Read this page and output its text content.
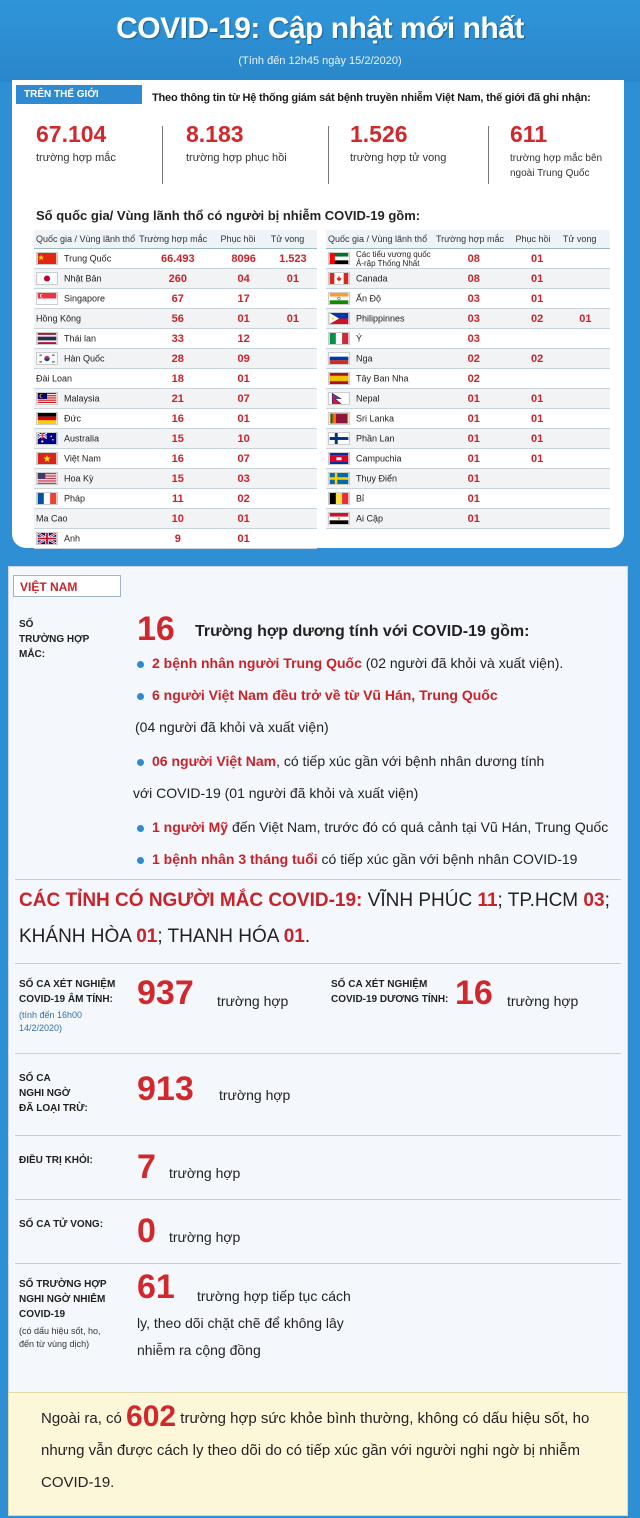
COVID-19: Cập nhật mới nhất
(Tính đến 12h45 ngày 15/2/2020)
TRÊN THẾ GIỚI	Theo thông tin từ Hệ thống giám sát bệnh truyền nhiễm Việt Nam, thế giới đã ghi nhận:
67.104
trường hợp mắc
8.183
trường hợp phục hồi
1.526
trường hợp tử vong
611
trường hợp mắc bên ngoài Trung Quốc
Số quốc gia/ Vùng lãnh thổ có người bị nhiễm COVID-19 gồm:
Quốc gia / Vùng lãnh thổ	Trường hợp mắc	Phục hồi	Tử vong
Trung Quốc	66.493	8096	1.523
Nhật Bản	260	04	01
Singapore	67	17	
Hồng Kông	56	01	01
Thái lan	33	12	
Hàn Quốc	28	09	
Đài Loan	18	01	
Malaysia	21	07	
Đức	16	01	
Australia	15	10	
Việt Nam	16	07	
Hoa Kỳ	15	03	
Pháp	11	02	
Ma Cao	10	01	
Anh	9	01	
Quốc gia / Vùng lãnh thổ	Trường hợp mắc	Phục hồi	Tử vong
Các tiểu vương quốc Ả-rập Thống Nhất	08	01	
Canada	08	01	
Ấn Độ	03	01	
Philippinnes	03	02	01
Ý	03		
Nga	02	02	
Tây Ban Nha	02		
Nepal	01	01	
Sri Lanka	01	01	
Phần Lan	01	01	
Campuchia	01	01	
Thụy Điển	01		
Bỉ	01		
Ai Cập	01		
VIỆT NAM
SỐ
TRƯỜNG HỢP
MẮC:
16 Trường hợp dương tính với COVID-19 gồm:
2 bệnh nhân người Trung Quốc (02 người đã khỏi và xuất viện).
6 người Việt Nam đều trở về từ Vũ Hán, Trung Quốc
(04 người đã khỏi và xuất viện)
06 người Việt Nam, có tiếp xúc gần với bệnh nhân dương tính
với COVID-19 (01 người đã khỏi và xuất viện)
1 người Mỹ đến Việt Nam, trước đó có quá cảnh tại Vũ Hán, Trung Quốc
1 bệnh nhân 3 tháng tuổi có tiếp xúc gần với bệnh nhân COVID-19
CÁC TỈNH CÓ NGƯỜI MẮC COVID-19: VĨNH PHÚC 11; TP.HCM 03;
KHÁNH HÒA 01; THANH HÓA 01.
SỐ CA XÉT NGHIỆM
COVID-19 ÂM TÍNH:
(tính đến 16h00
14/2/2020)
937 trường hợp
SỐ CA XÉT NGHIỆM
COVID-19 DƯƠNG TÍNH: 16 trường hợp
SỐ CA
NGHI NGỜ
ĐÃ LOẠI TRỪ:
913 trường hợp
ĐIỀU TRỊ KHỎI: 7 trường hợp
SỐ CA TỬ VONG: 0 trường hợp
SỐ TRƯỜNG HỢP
NGHI NGỜ NHIỄM
COVID-19
(có dấu hiệu sốt, ho,
đến từ vùng dịch)
61 trường hợp tiếp tục cách
ly, theo dõi chặt chẽ để không lây
nhiễm ra cộng đồng
Ngoài ra, có 602 trường hợp sức khỏe bình thường, không có dấu hiệu sốt, ho nhưng vẫn được cách ly theo dõi do có tiếp xúc gần với người nghi ngờ bị nhiễm COVID-19.
